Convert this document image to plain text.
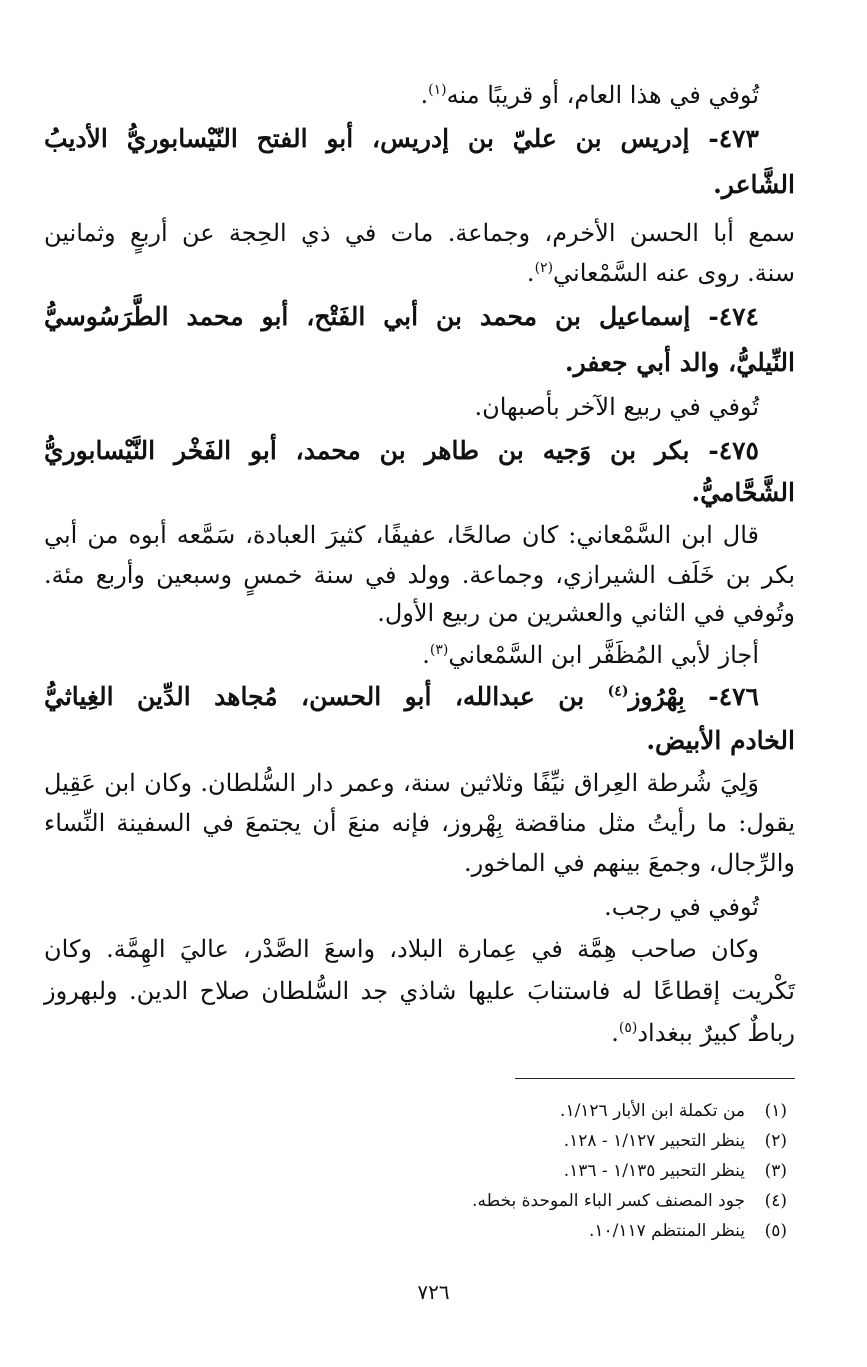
تُوفي في هذا العام، أو قريبًا منه$^{(١)}$.
٤٧٣- إدريس بن عليّ بن إدريس، أبو الفتح النّيْسابوريُّ الأديبُ
الشَّاعر.
سمع أبا الحسن الأخرم، وجماعة. مات في ذي الحِجة عن أربعٍ وثمانين
سنة. روى عنه السَّمْعاني$^{(٢)}$.
٤٧٤- إسماعيل بن محمد بن أبي الفَتْح، أبو محمد الطَّرَسُوسيُّ
النِّيليُّ، والد أبي جعفر.
تُوفي في ربيع الآخر بأصبهان.
٤٧٥- بكر بن وَجيه بن طاهر بن محمد، أبو الفَخْر النَّيْسابوريُّ
الشَّحَّاميُّ.
قال ابن السَّمْعاني: كان صالحًا، عفيفًا، كثيرَ العبادة، سَمَّعه أبوه من أبي
بكر بن خَلَف الشيرازي، وجماعة. وولد في سنة خمسٍ وسبعين وأربع مئة.
وتُوفي في الثاني والعشرين من ربيع الأول.
أجاز لأبي المُظَفَّر ابن السَّمْعاني$^{(٣)}$.
٤٧٦- بِهْرُوز$^{(٤)}$ بن عبدالله، أبو الحسن، مُجاهد الدِّين الغِياثيُّ
الخادم الأبيض.
وَلِيَ شُرطة العِراق نيِّفًا وثلاثين سنة، وعمر دار السُّلطان. وكان ابن عَقِيل
يقول: ما رأيتُ مثل مناقضة بِهْروز، فإنه منعَ أن يجتمعَ في السفينة النِّساء
والرِّجال، وجمعَ بينهم في الماخور.
تُوفي في رجب.
وكان صاحب هِمَّة في عِمارة البلاد، واسعَ الصَّدْر، عاليَ الهِمَّة. وكان
تَكْريت إقطاعًا له فاستنابَ عليها شاذي جد السُّلطان صلاح الدين. ولبهروز
رباطٌ كبيرٌ ببغداد$^{(٥)}$.
(١)من تكملة ابن الأبار ١/١٢٦.
(٢)ينظر التحبير ١/١٢٧ - ١٢٨.
(٣)ينظر التحبير ١/١٣٥ - ١٣٦.
(٤)جود المصنف كسر الباء الموحدة بخطه.
(٥)ينظر المنتظم ١٠/١١٧.
٧٢٦
